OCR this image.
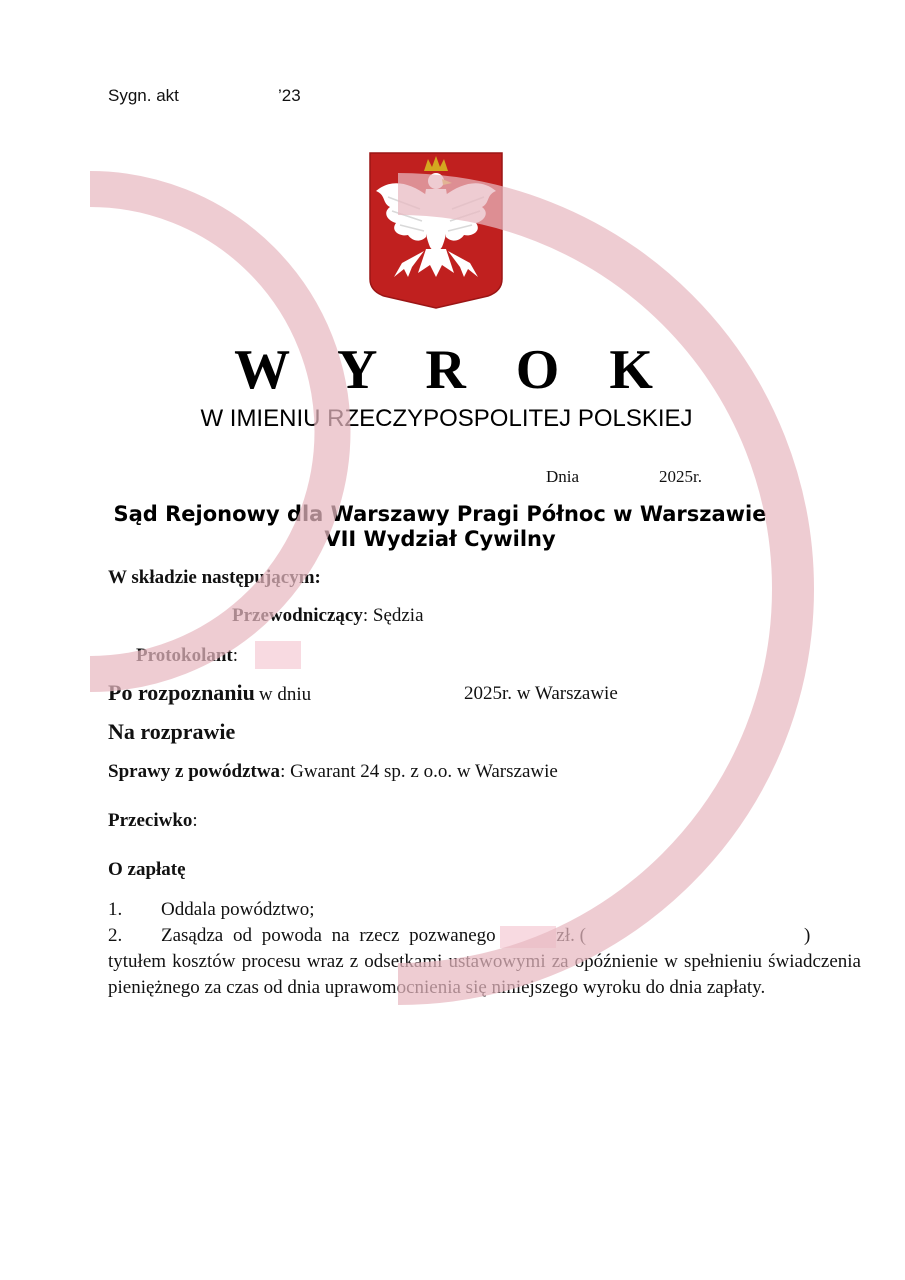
Sygn. akt	’23
W Y R O K
W IMIENIU RZECZYPOSPOLITEJ POLSKIEJ
Dnia	2025r.
Sąd Rejonowy dla Warszawy Pragi Północ w Warszawie
VII Wydział Cywilny
W składzie następującym:
Przewodniczący: Sędzia
Protokolant:
Po rozpoznaniu w dniu	2025r. w Warszawie
Na rozprawie
Sprawy z powództwa: Gwarant 24 sp. z o.o. w Warszawie
Przeciwko:
O zapłatę

1. Oddala powództwo;

2. Zasądza od powoda na rzecz pozwanego	zł. (	)

tytułem kosztów procesu wraz z odsetkami ustawowymi za opóźnienie w spełnieniu świadczenia pieniężnego za czas od dnia uprawomocnienia się niniejszego wyroku do dnia zapłaty.
